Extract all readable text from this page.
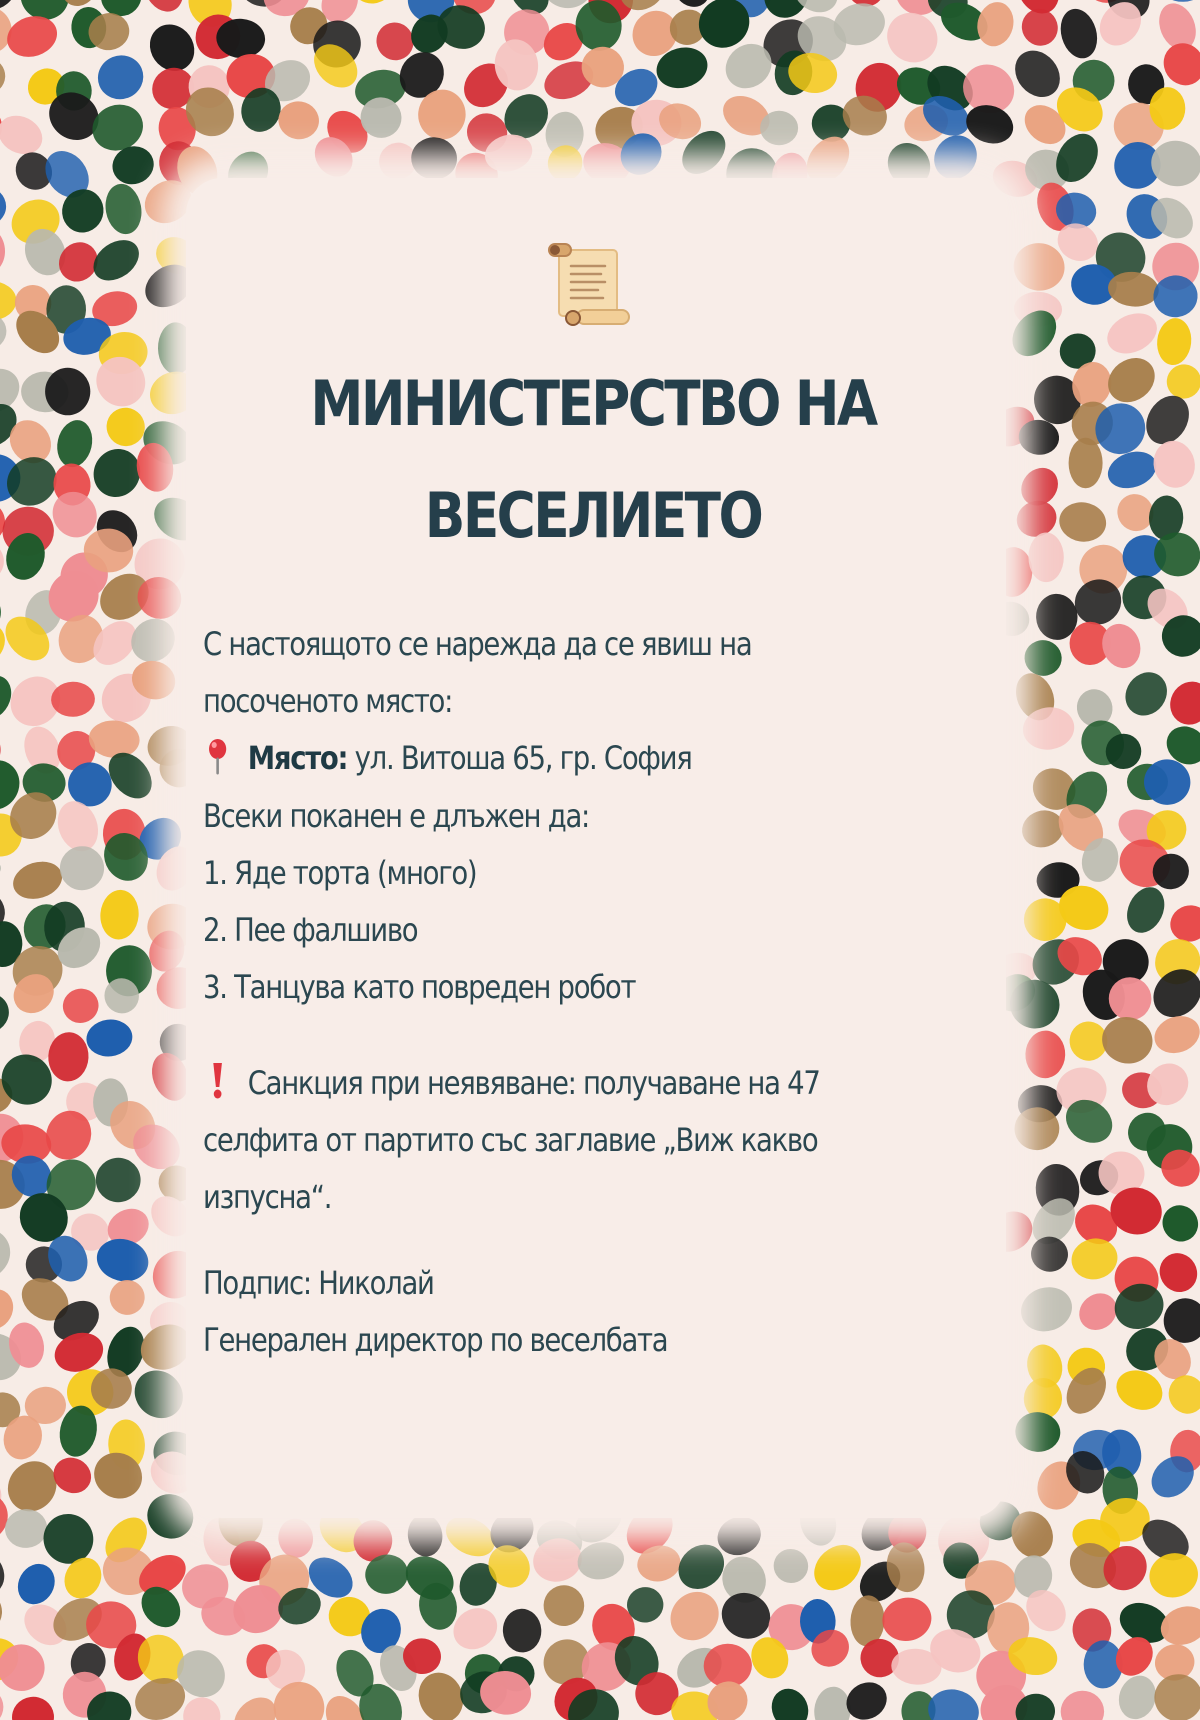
МИНИСТЕРСТВО НА
ВЕСЕЛИЕТО
С настоящото се нарежда да се явиш на
посоченото място:
Място: ул. Витоша 65, гр. София
Всеки поканен е длъжен да:
1. Яде торта (много)
2. Пее фалшиво
3. Танцува като повреден робот
Санкция при неявяване: получаване на 47
селфита от партито със заглавие „Виж какво
изпусна“.
Подпис: Николай
Генерален директор по веселбата
